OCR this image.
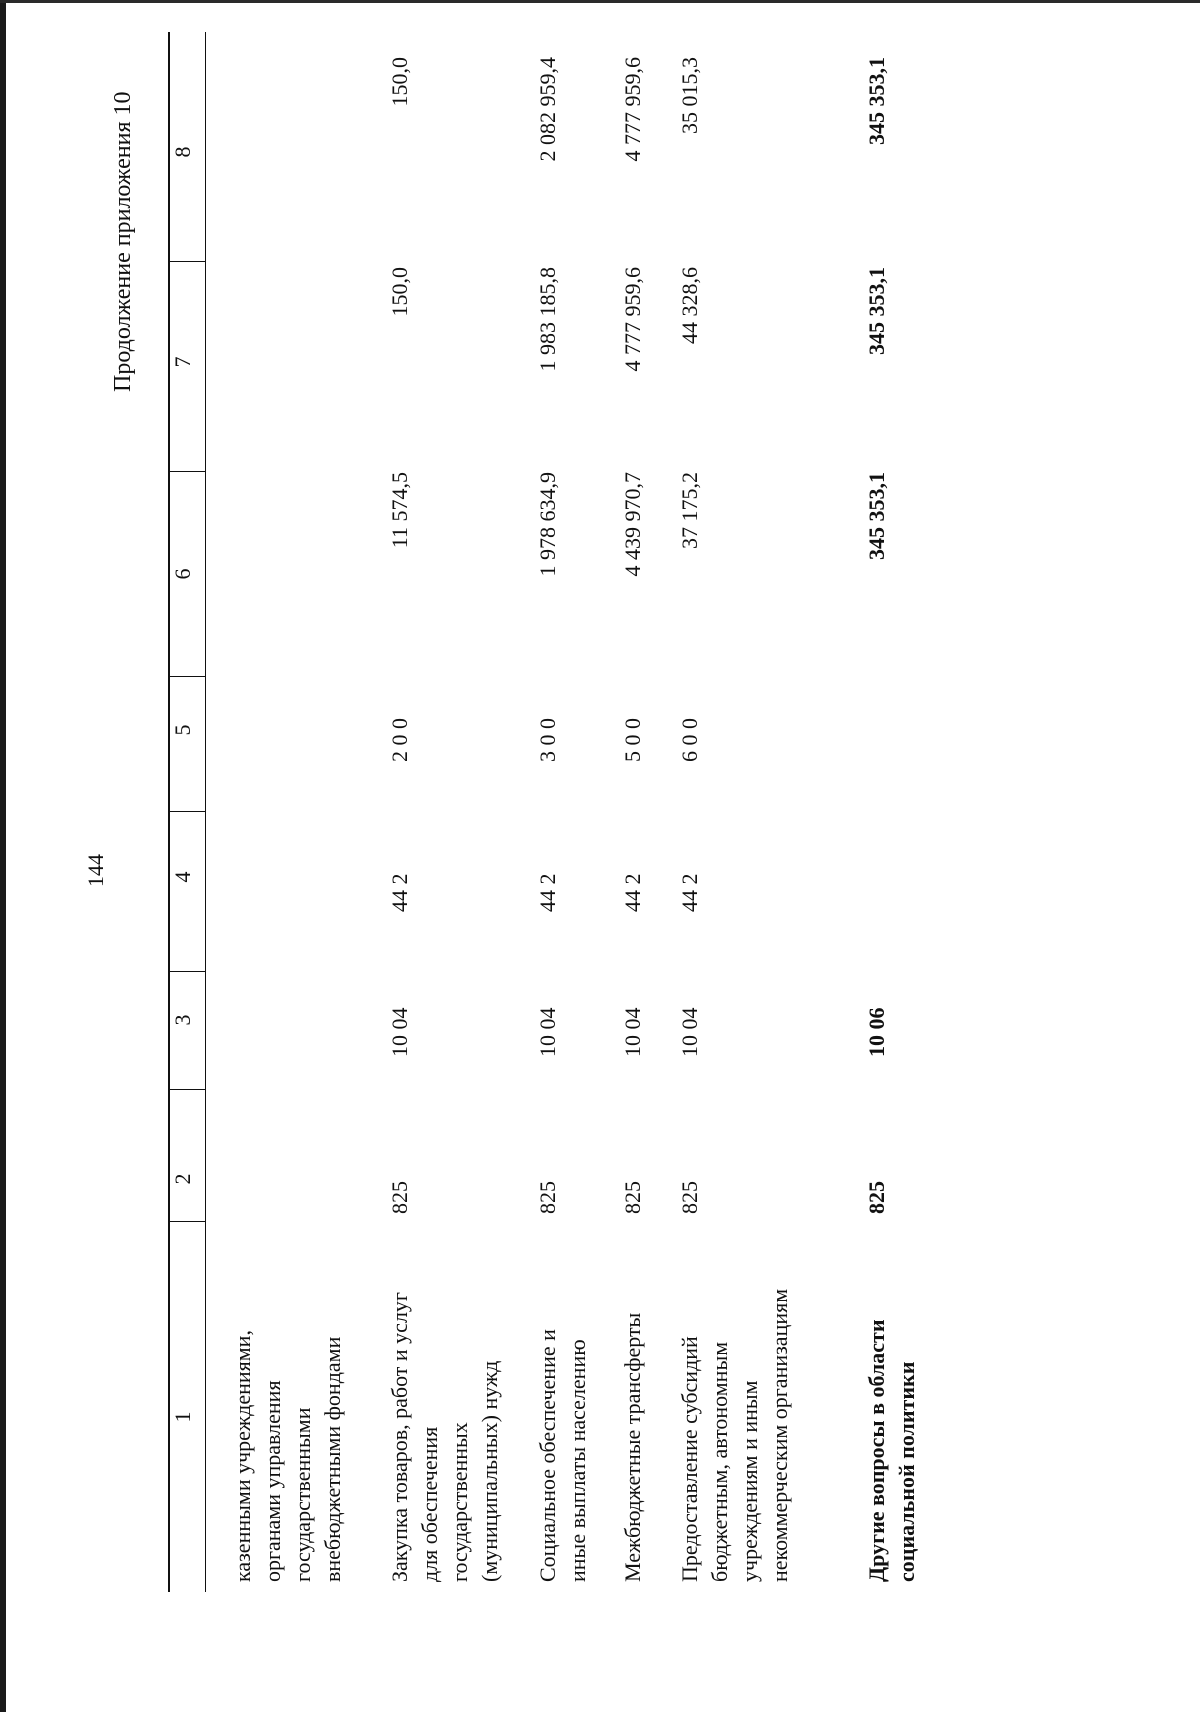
144
Продолжение приложения 10
1
2
3
4
5
6
7
8
казенными учреждениями, органами управления государственными внебюджетными фондами Закупка товаров, работ и услуг для обеспечения государственных (муниципальных) нужд
825
10 04
44 2
2 0 0
11 574,5
150,0
150,0
Социальное обеспечение и иные выплаты населению
825
10 04
44 2
3 0 0
1 978 634,9
1 983 185,8
2 082 959,4
Межбюджетные трансферты
825
10 04
44 2
5 0 0
4 439 970,7
4 777 959,6
4 777 959,6
Предоставление субсидий бюджетным, автономным учреждениям и иным некоммерческим организациям
825
10 04
44 2
6 0 0
37 175,2
44 328,6
35 015,3
Другие вопросы в области социальной политики
825
10 06
345 353,1
345 353,1
345 353,1
